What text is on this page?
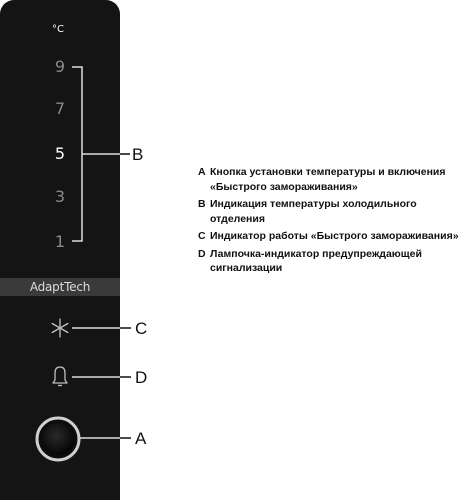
°C
9
7
5
3
1
AdaptTech
B
C
D
A
A Кнопка установки температуры и включения «Быстрого замораживания»
B Индикация температуры холодильного отделения
C Индикатор работы «Быстрого замораживания»
D Лампочка-индикатор предупреждающей сигнализации
